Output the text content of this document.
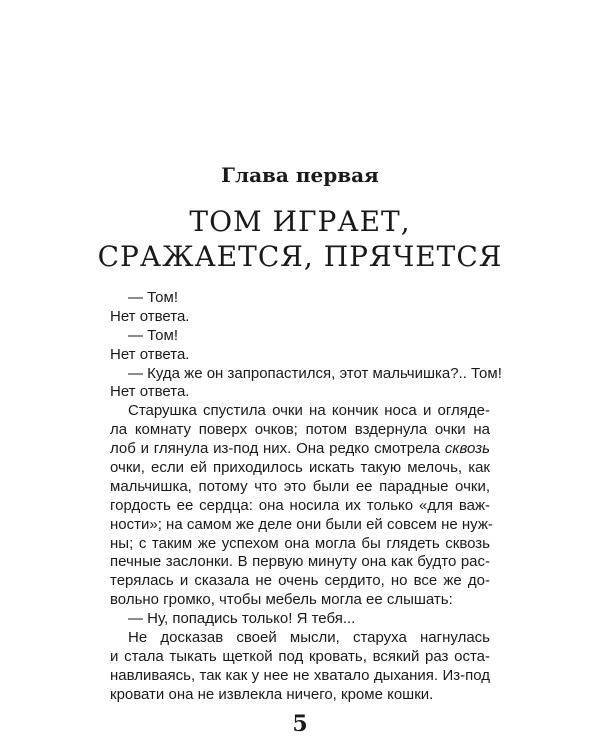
Глава первая
ТОМ ИГРАЕТ,
СРАЖАЕТСЯ, ПРЯЧЕТСЯ
— Том!
Нет ответа.
— Том!
Нет ответа.
— Куда же он запропастился, этот мальчишка?.. Том!
Нет ответа.
Старушка спустила очки на кончик носа и огляде-
ла комнату поверх очков; потом вздернула очки на
лоб и глянула из-под них. Она редко смотрела сквозь
очки, если ей приходилось искать такую мелочь, как
мальчишка, потому что это были ее парадные очки,
гордость ее сердца: она носила их только «для важ-
ности»; на самом же деле они были ей совсем не нуж-
ны; с таким же успехом она могла бы глядеть сквозь
печные заслонки. В первую минуту она как будто рас-
терялась и сказала не очень сердито, но все же до-
вольно громко, чтобы мебель могла ее слышать:
— Ну, попадись только! Я тебя...
Не досказав своей мысли, старуха нагнулась
и стала тыкать щеткой под кровать, всякий раз оста-
навливаясь, так как у нее не хватало дыхания. Из-под
кровати она не извлекла ничего, кроме кошки.
5
